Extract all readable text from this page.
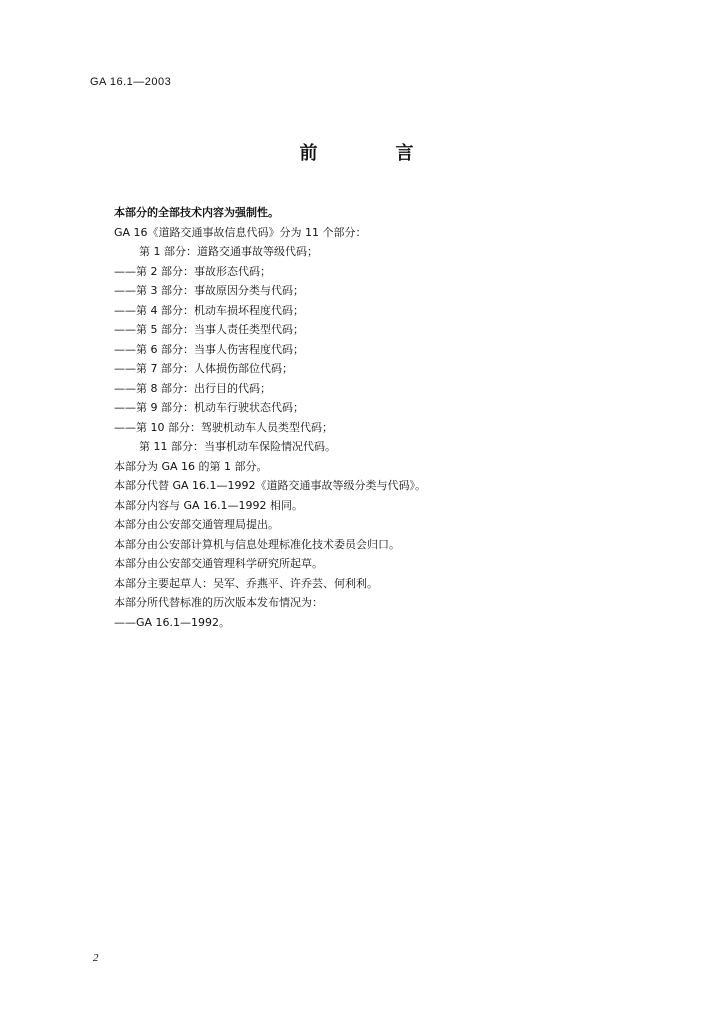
GA 16.1—2003
前　言
本部分的全部技术内容为强制性。
GA 16《道路交通事故信息代码》分为 11 个部分：
第 1 部分：道路交通事故等级代码；
——第 2 部分：事故形态代码；
——第 3 部分：事故原因分类与代码；
——第 4 部分：机动车损坏程度代码；
——第 5 部分：当事人责任类型代码；
——第 6 部分：当事人伤害程度代码；
——第 7 部分：人体损伤部位代码；
——第 8 部分：出行目的代码；
——第 9 部分：机动车行驶状态代码；
——第 10 部分：驾驶机动车人员类型代码；
第 11 部分：当事机动车保险情况代码。
本部分为 GA 16 的第 1 部分。
本部分代替 GA 16.1—1992《道路交通事故等级分类与代码》。
本部分内容与 GA 16.1—1992 相同。
本部分由公安部交通管理局提出。
本部分由公安部计算机与信息处理标准化技术委员会归口。
本部分由公安部交通管理科学研究所起草。
本部分主要起草人：吴军、乔燕平、许乔芸、何利利。
本部分所代替标准的历次版本发布情况为：
——GA 16.1—1992。
2
